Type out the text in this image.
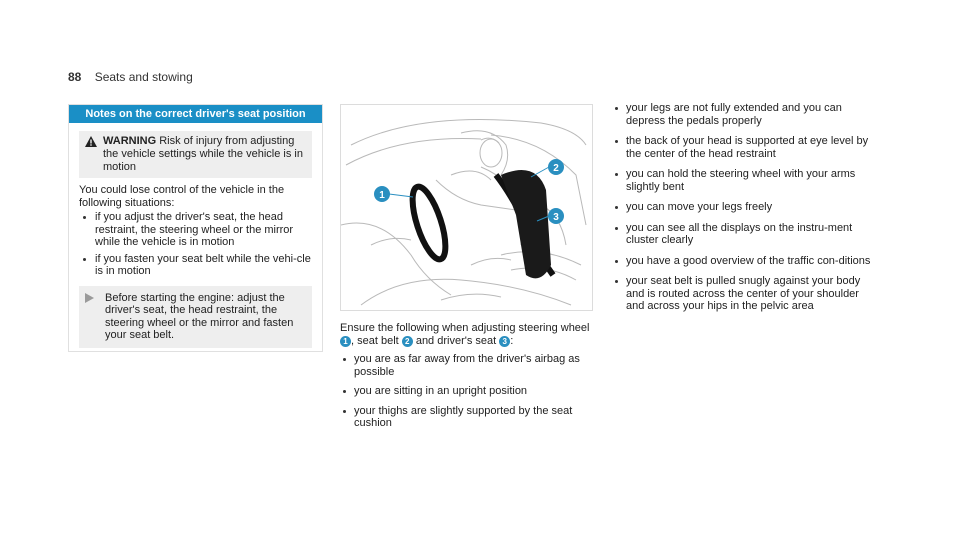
88 Seats and stowing
Notes on the correct driver's seat position
WARNING Risk of injury from adjusting the vehicle settings while the vehicle is in motion
You could lose control of the vehicle in the following situations:
if you adjust the driver's seat, the head restraint, the steering wheel or the mirror while the vehicle is in motion
if you fasten your seat belt while the vehi-cle is in motion
Before starting the engine: adjust the driver's seat, the head restraint, the steering wheel or the mirror and fasten your seat belt.
1
2
3
Ensure the following when adjusting steering wheel 1 , seat belt 2 and driver's seat 3 :
you are as far away from the driver's airbag as possible
you are sitting in an upright position
your thighs are slightly supported by the seat cushion
your legs are not fully extended and you can depress the pedals properly
the back of your head is supported at eye level by the center of the head restraint
you can hold the steering wheel with your arms slightly bent
you can move your legs freely
you can see all the displays on the instru-ment cluster clearly
you have a good overview of the traffic con-ditions
your seat belt is pulled snugly against your body and is routed across the center of your shoulder and across your hips in the pelvic area
